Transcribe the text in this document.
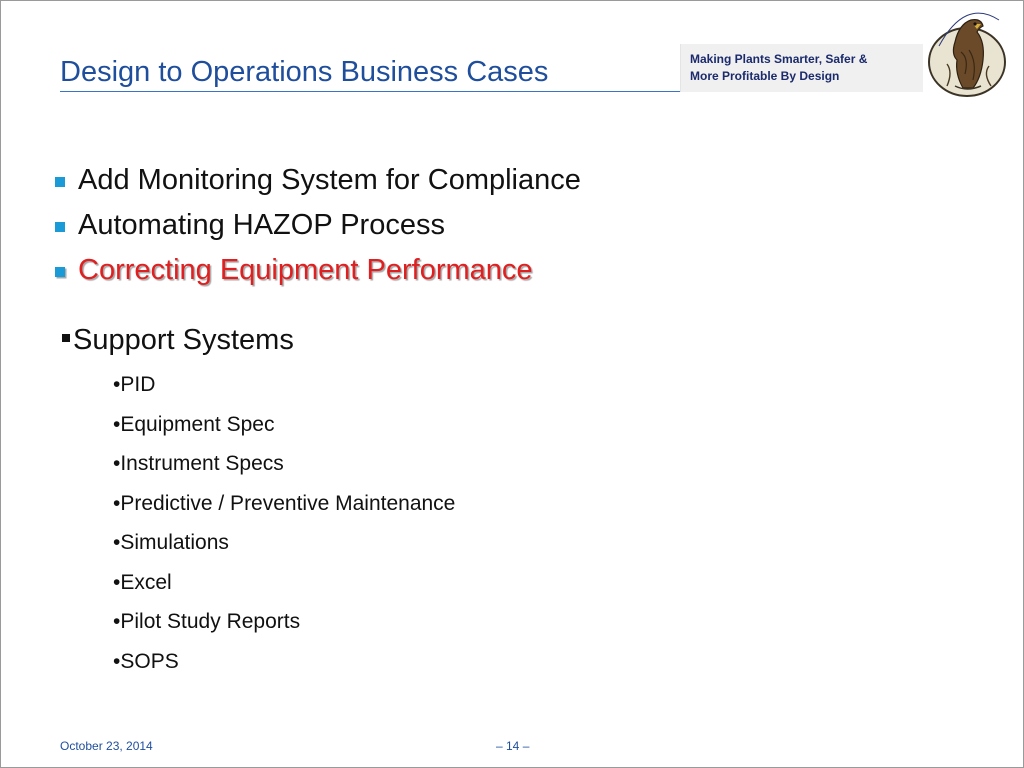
Design to Operations Business Cases	Making Plants Smarter, Safer &
More Profitable By Design
Add Monitoring System for Compliance
Automating HAZOP Process
Correcting Equipment Performance
Support Systems
•PID
•Equipment Spec
•Instrument Specs
•Predictive / Preventive Maintenance
•Simulations
•Excel
•Pilot Study Reports
•SOPS
October 23, 2014	– 14 –
